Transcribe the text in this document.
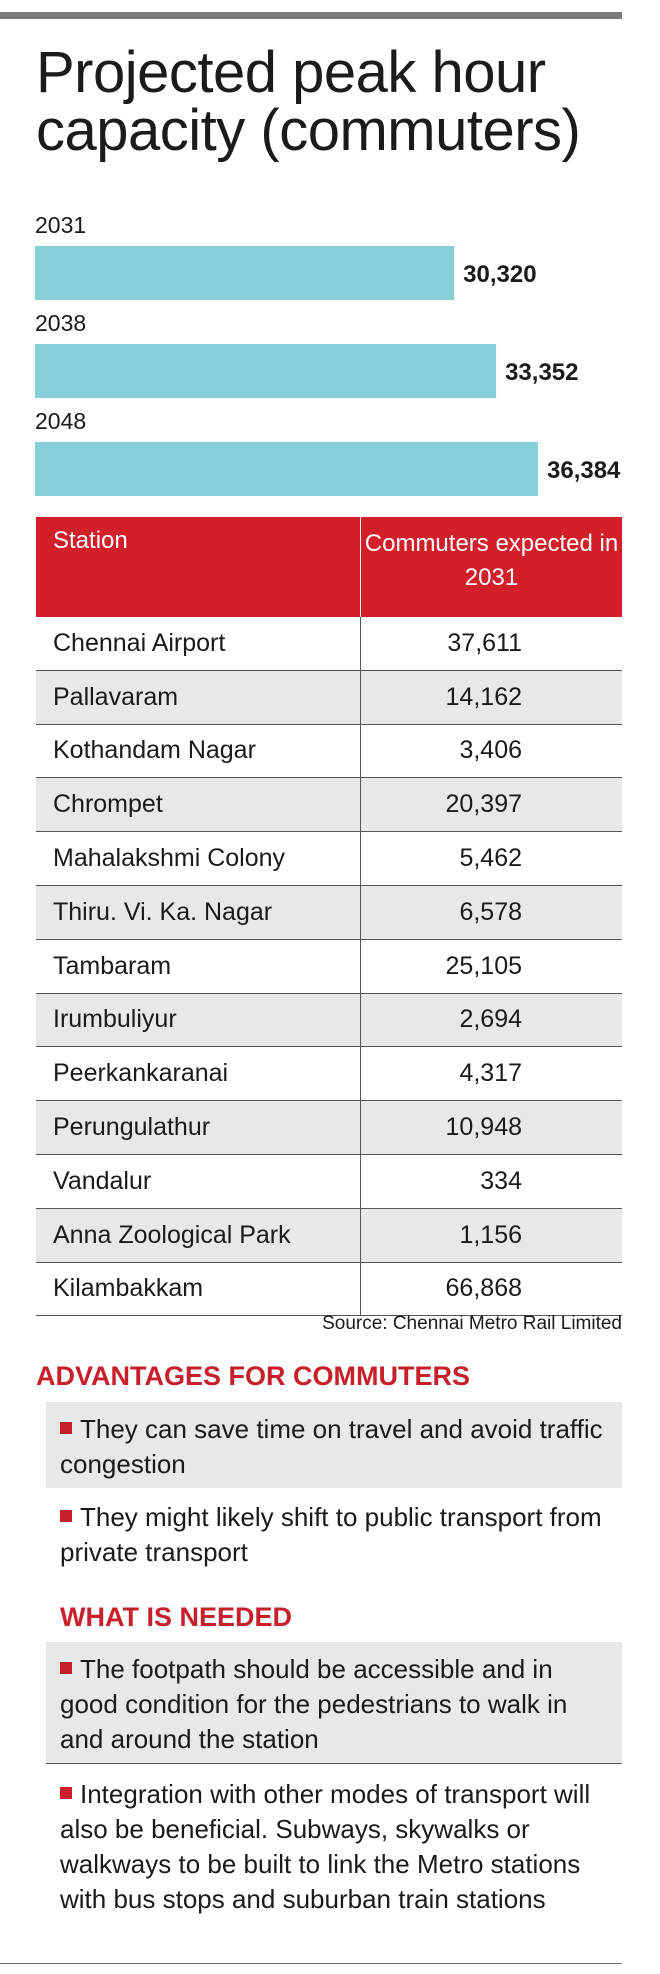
Projected peak hour capacity (commuters)
2031
30,320
2038
33,352
2048
36,384
Station	Commuters expected in 2031
Chennai Airport	37,611
Pallavaram	14,162
Kothandam Nagar	3,406
Chrompet	20,397
Mahalakshmi Colony	5,462
Thiru. Vi. Ka. Nagar	6,578
Tambaram	25,105
Irumbuliyur	2,694
Peerkankaranai	4,317
Perungulathur	10,948
Vandalur	334
Anna Zoological Park	1,156
Kilambakkam	66,868
Source: Chennai Metro Rail Limited
ADVANTAGES FOR COMMUTERS
They can save time on travel and avoid traffic congestion
They might likely shift to public transport from private transport
WHAT IS NEEDED
The footpath should be accessible and in good condition for the pedestrians to walk in and around the station
Integration with other modes of transport will also be beneficial. Subways, skywalks or walkways to be built to link the Metro stations with bus stops and suburban train stations
